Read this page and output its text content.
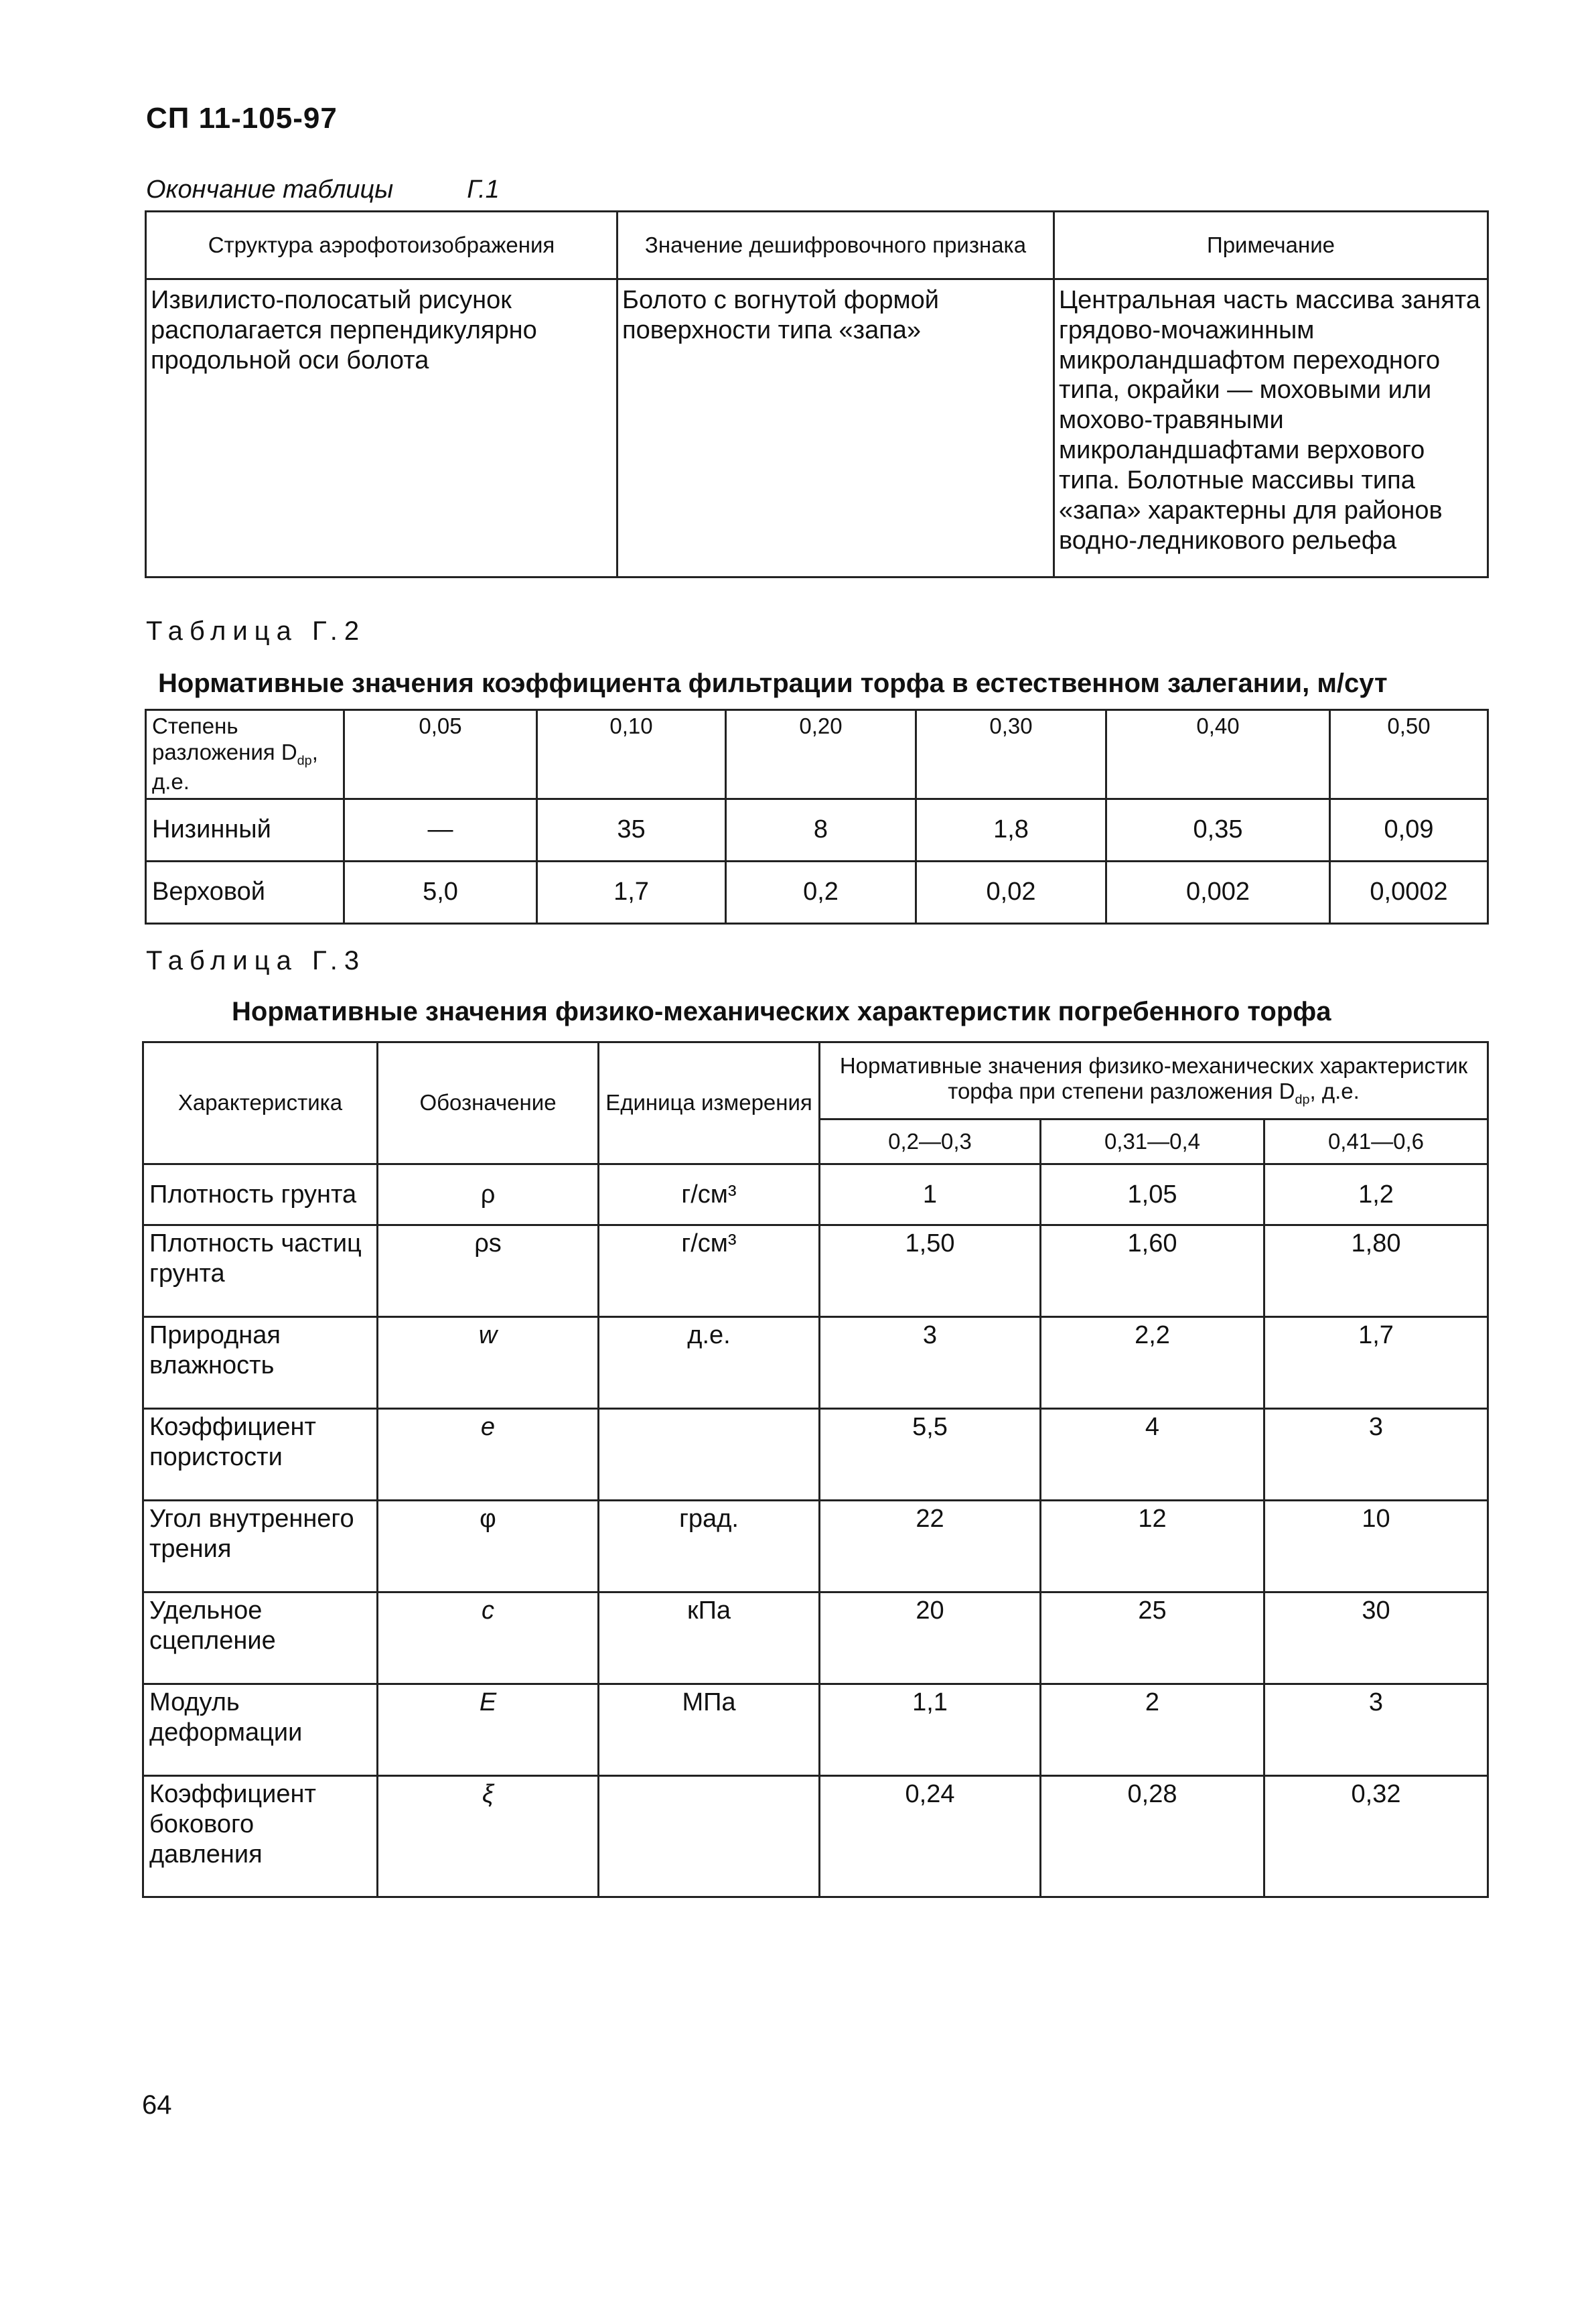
СП 11-105-97
Окончание таблицы	Г.1
Структура аэрофотоизображения	Значение дешифровочного признака	Примечание
Извилисто-полосатый рисунок располагается перпендикулярно продольной оси болота	Болото с вогнутой формой поверхности типа «запа»	Центральная часть массива занята грядово-мочажинным микроландшафтом переходного типа, окрайки — моховыми или мохово-травяными микроландшафтами верхового типа. Болотные массивы типа «запа» характерны для районов водно-ледникового рельефа
Таблица Г.2
Нормативные значения коэффициента фильтрации торфа в естественном залегании, м/сут
Степень разложения $D_{dp}$, д.е.	0,05	0,10	0,20	0,30	0,40	0,50
Низинный	—	35	8	1,8	0,35	0,09
Верховой	5,0	1,7	0,2	0,02	0,002	0,0002
Таблица Г.3
Нормативные значения физико-механических характеристик погребенного торфа
Характеристика	Обозначение	Единица измерения	Нормативные значения физико-механических характеристик торфа при степени разложения $D_{dp}$, д.е.		
			0,2—0,3	0,31—0,4	0,41—0,6
Плотность грунта	ρ	г/см³	1	1,05	1,2
Плотность частиц грунта	ρs	г/см³	1,50	1,60	1,80
Природная влажность	w	д.е.	3	2,2	1,7
Коэффициент пористости	e		5,5	4	3
Угол внутреннего трения	φ	град.	22	12	10
Удельное сцепление	c	кПа	20	25	30
Модуль деформации	E	МПа	1,1	2	3
Коэффициент бокового давления	ξ		0,24	0,28	0,32
64
